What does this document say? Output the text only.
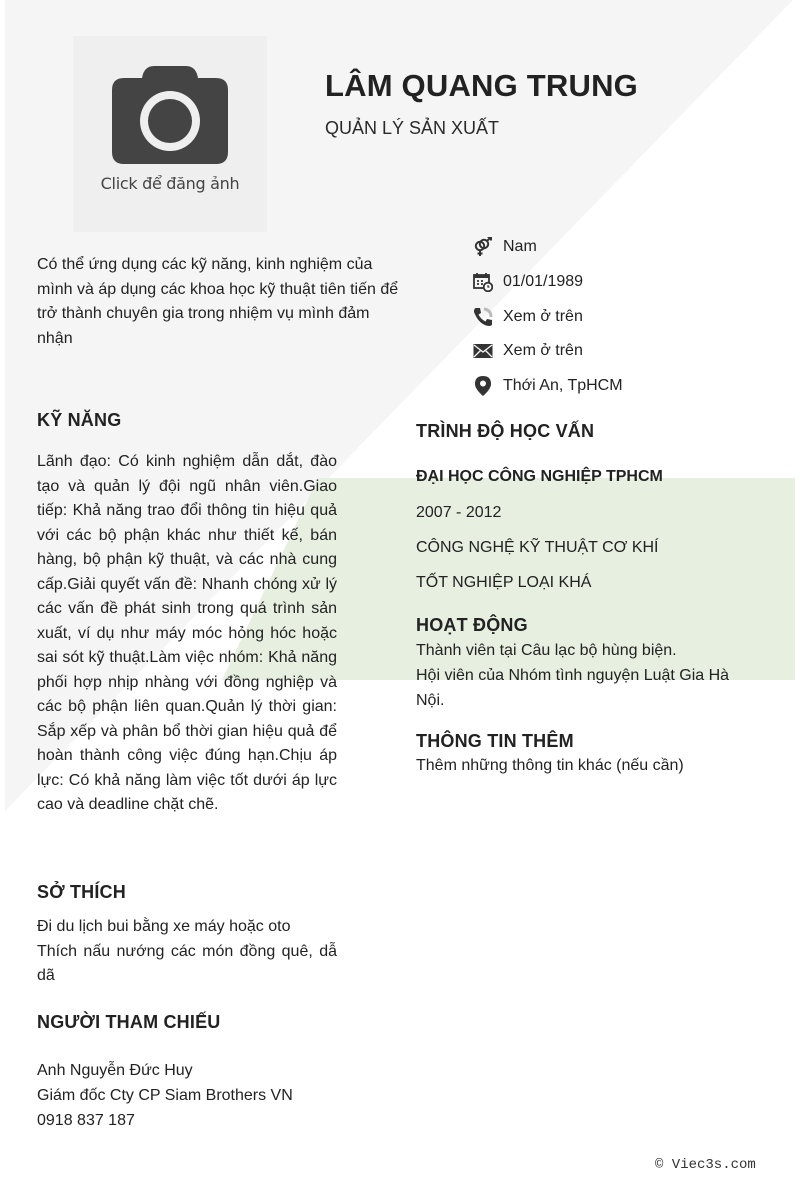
Click để đăng ảnh
LÂM QUANG TRUNG
QUẢN LÝ SẢN XUẤT
Có thể ứng dụng các kỹ năng, kinh nghiệm của mình và áp dụng các khoa học kỹ thuật tiên tiến để trở thành chuyên gia trong nhiệm vụ mình đảm nhận
Nam
01/01/1989
Xem ở trên
Xem ở trên
Thới An, TpHCM
KỸ NĂNG
Lãnh đạo: Có kinh nghiệm dẫn dắt, đào tạo và quản lý đội ngũ nhân viên.Giao tiếp: Khả năng trao đổi thông tin hiệu quả với các bộ phận khác như thiết kế, bán hàng, bộ phận kỹ thuật, và các nhà cung cấp.Giải quyết vấn đề: Nhanh chóng xử lý các vấn đề phát sinh trong quá trình sản xuất, ví dụ như máy móc hỏng hóc hoặc sai sót kỹ thuật.Làm việc nhóm: Khả năng phối hợp nhịp nhàng với đồng nghiệp và các bộ phận liên quan.Quản lý thời gian: Sắp xếp và phân bổ thời gian hiệu quả để hoàn thành công việc đúng hạn.Chịu áp lực: Có khả năng làm việc tốt dưới áp lực cao và deadline chặt chẽ.
SỞ THÍCH
Đi du lịch bui bằng xe máy hoặc oto
Thích nấu nướng các món đồng quê, dẫ dã
NGƯỜI THAM CHIẾU
Anh Nguyễn Đức Huy
Giám đốc Cty CP Siam Brothers VN
0918 837 187
TRÌNH ĐỘ HỌC VẤN
ĐẠI HỌC CÔNG NGHIỆP TPHCM
2007 - 2012
CÔNG NGHỆ KỸ THUẬT CƠ KHÍ
TỐT NGHIỆP LOẠI KHÁ
HOẠT ĐỘNG
Thành viên tại Câu lạc bộ hùng biện.
Hội viên của Nhóm tình nguyện Luật Gia Hà Nội.
THÔNG TIN THÊM
Thêm những thông tin khác (nếu cần)
© Viec3s.com
